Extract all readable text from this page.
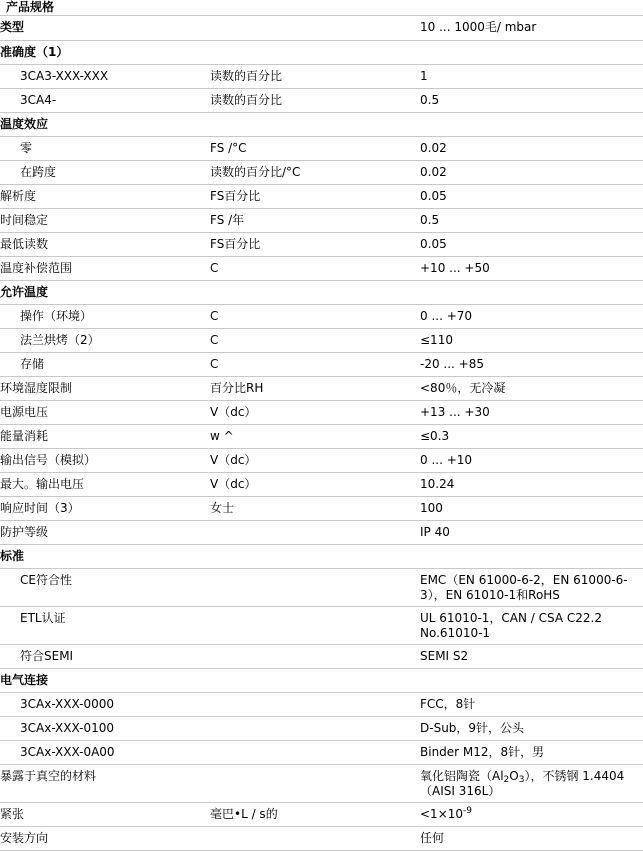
产品规格
类型		10 ... 1000毛/ mbar
准确度（1）		
3CA3-XXX-XXX	读数的百分比	1
3CA4-	读数的百分比	0.5
温度效应		
零	FS /°C	0.02
在跨度	读数的百分比/°C	0.02
解析度	FS百分比	0.05
时间稳定	FS /年	0.5
最低读数	FS百分比	0.05
温度补偿范围	C	+10 ... +50
允许温度		
操作（环境）	C	0 ... +70
法兰烘烤（2）	C	≤110
存储	C	-20 ... +85
环境湿度限制	百分比RH	<80％，无冷凝
电源电压	V（dc）	+13 ... +30
能量消耗	w ^	≤0.3
输出信号（模拟）	V（dc）	0 ... +10
最大。输出电压	V（dc）	10.24
响应时间（3）	女士	100
防护等级		IP 40
标准		
CE符合性		EMC（EN 61000-6-2，EN 61000-6-3），EN 61010-1和RoHS
ETL认证		UL 61010-1，CAN / CSA C22.2 No.61010-1
符合SEMI		SEMI S2
电气连接		
3CAx-XXX-0000		FCC，8针
3CAx-XXX-0100		D-Sub，9针，公头
3CAx-XXX-0A00		Binder M12，8针，男
暴露于真空的材料		氧化铝陶瓷$(Al_2O_3)$，不锈钢 1.4404（AISI 316L）
紧张	毫巴•L / s的	$<1\times 10^{-9}$
安装方向		任何
